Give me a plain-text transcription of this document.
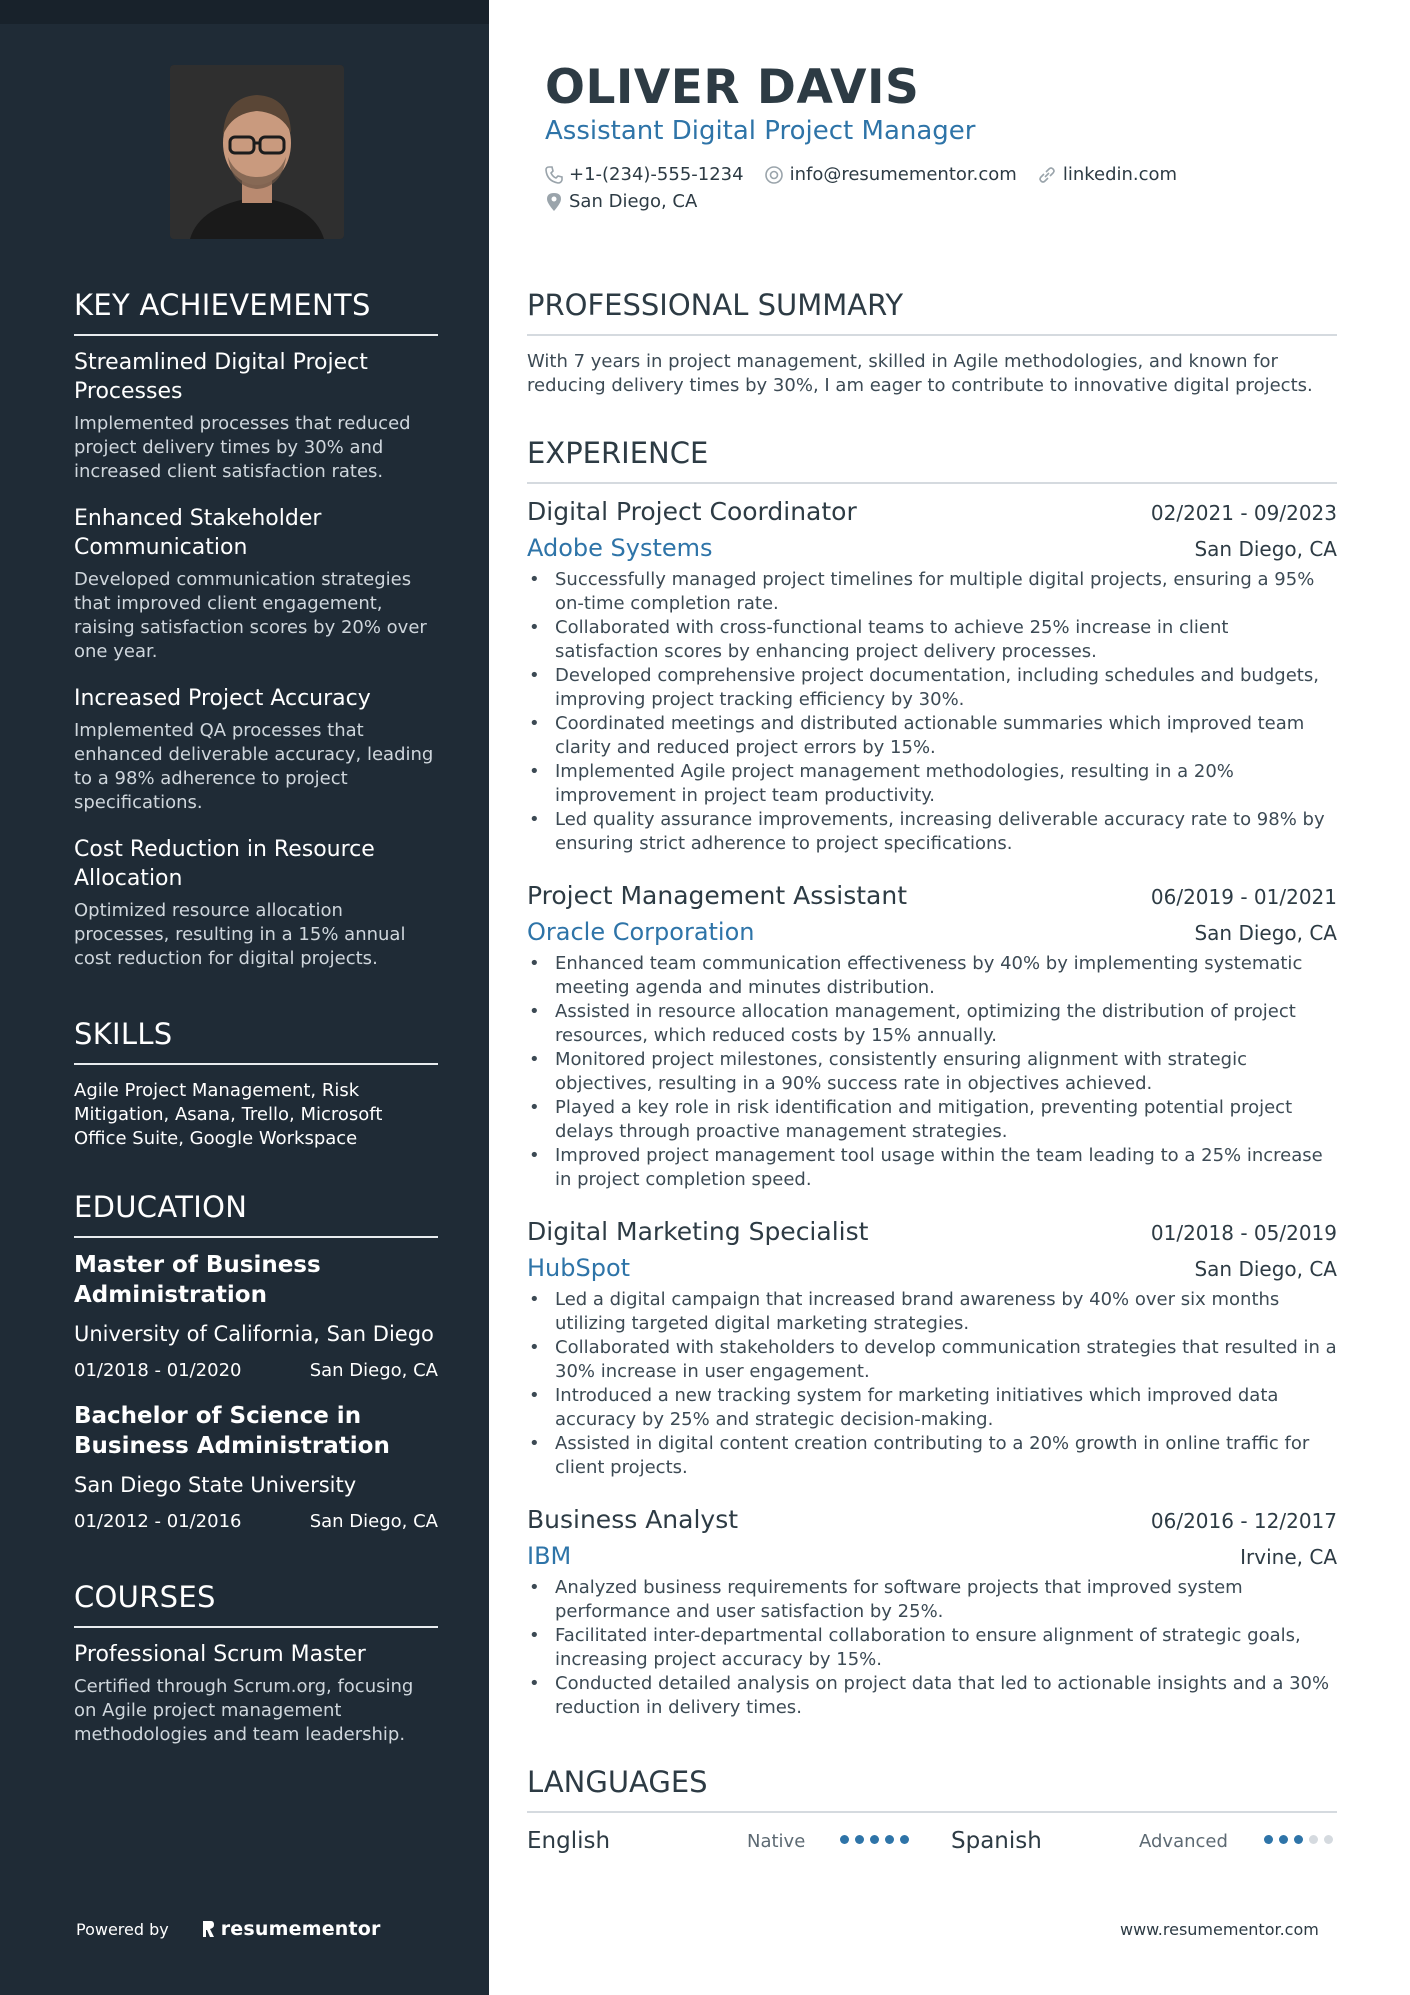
KEY ACHIEVEMENTS
Streamlined Digital Project Processes
Implemented processes that reduced project delivery times by 30% and increased client satisfaction rates.
Enhanced Stakeholder Communication
Developed communication strategies that improved client engagement, raising satisfaction scores by 20% over one year.
Increased Project Accuracy
Implemented QA processes that enhanced deliverable accuracy, leading to a 98% adherence to project specifications.
Cost Reduction in Resource Allocation
Optimized resource allocation processes, resulting in a 15% annual cost reduction for digital projects.
SKILLS
Agile Project Management, Risk Mitigation, Asana, Trello, Microsoft Office Suite, Google Workspace
EDUCATION
Master of Business Administration
University of California, San Diego
01/2018 - 01/2020	San Diego, CA
Bachelor of Science in Business Administration
San Diego State University
01/2012 - 01/2016	San Diego, CA
COURSES
Professional Scrum Master
Certified through Scrum.org, focusing on Agile project management methodologies and team leadership.
Powered by	resumementor
OLIVER DAVIS
Assistant Digital Project Manager
+1-(234)-555-1234	info@resumementor.com	linkedin.com
San Diego, CA
PROFESSIONAL SUMMARY
With 7 years in project management, skilled in Agile methodologies, and known for reducing delivery times by 30%, I am eager to contribute to innovative digital projects.
EXPERIENCE
Digital Project Coordinator	02/2021 - 09/2023
Adobe Systems	San Diego, CA
• Successfully managed project timelines for multiple digital projects, ensuring a 95% on-time completion rate.
• Collaborated with cross-functional teams to achieve 25% increase in client satisfaction scores by enhancing project delivery processes.
• Developed comprehensive project documentation, including schedules and budgets, improving project tracking efficiency by 30%.
• Coordinated meetings and distributed actionable summaries which improved team clarity and reduced project errors by 15%.
• Implemented Agile project management methodologies, resulting in a 20% improvement in project team productivity.
• Led quality assurance improvements, increasing deliverable accuracy rate to 98% by ensuring strict adherence to project specifications.
Project Management Assistant	06/2019 - 01/2021
Oracle Corporation	San Diego, CA
• Enhanced team communication effectiveness by 40% by implementing systematic meeting agenda and minutes distribution.
• Assisted in resource allocation management, optimizing the distribution of project resources, which reduced costs by 15% annually.
• Monitored project milestones, consistently ensuring alignment with strategic objectives, resulting in a 90% success rate in objectives achieved.
• Played a key role in risk identification and mitigation, preventing potential project delays through proactive management strategies.
• Improved project management tool usage within the team leading to a 25% increase in project completion speed.
Digital Marketing Specialist	01/2018 - 05/2019
HubSpot	San Diego, CA
• Led a digital campaign that increased brand awareness by 40% over six months utilizing targeted digital marketing strategies.
• Collaborated with stakeholders to develop communication strategies that resulted in a 30% increase in user engagement.
• Introduced a new tracking system for marketing initiatives which improved data accuracy by 25% and strategic decision-making.
• Assisted in digital content creation contributing to a 20% growth in online traffic for client projects.
Business Analyst	06/2016 - 12/2017
IBM	Irvine, CA
• Analyzed business requirements for software projects that improved system performance and user satisfaction by 25%.
• Facilitated inter-departmental collaboration to ensure alignment of strategic goals, increasing project accuracy by 15%.
• Conducted detailed analysis on project data that led to actionable insights and a 30% reduction in delivery times.
LANGUAGES
English	Native	Spanish	Advanced
www.resumementor.com
